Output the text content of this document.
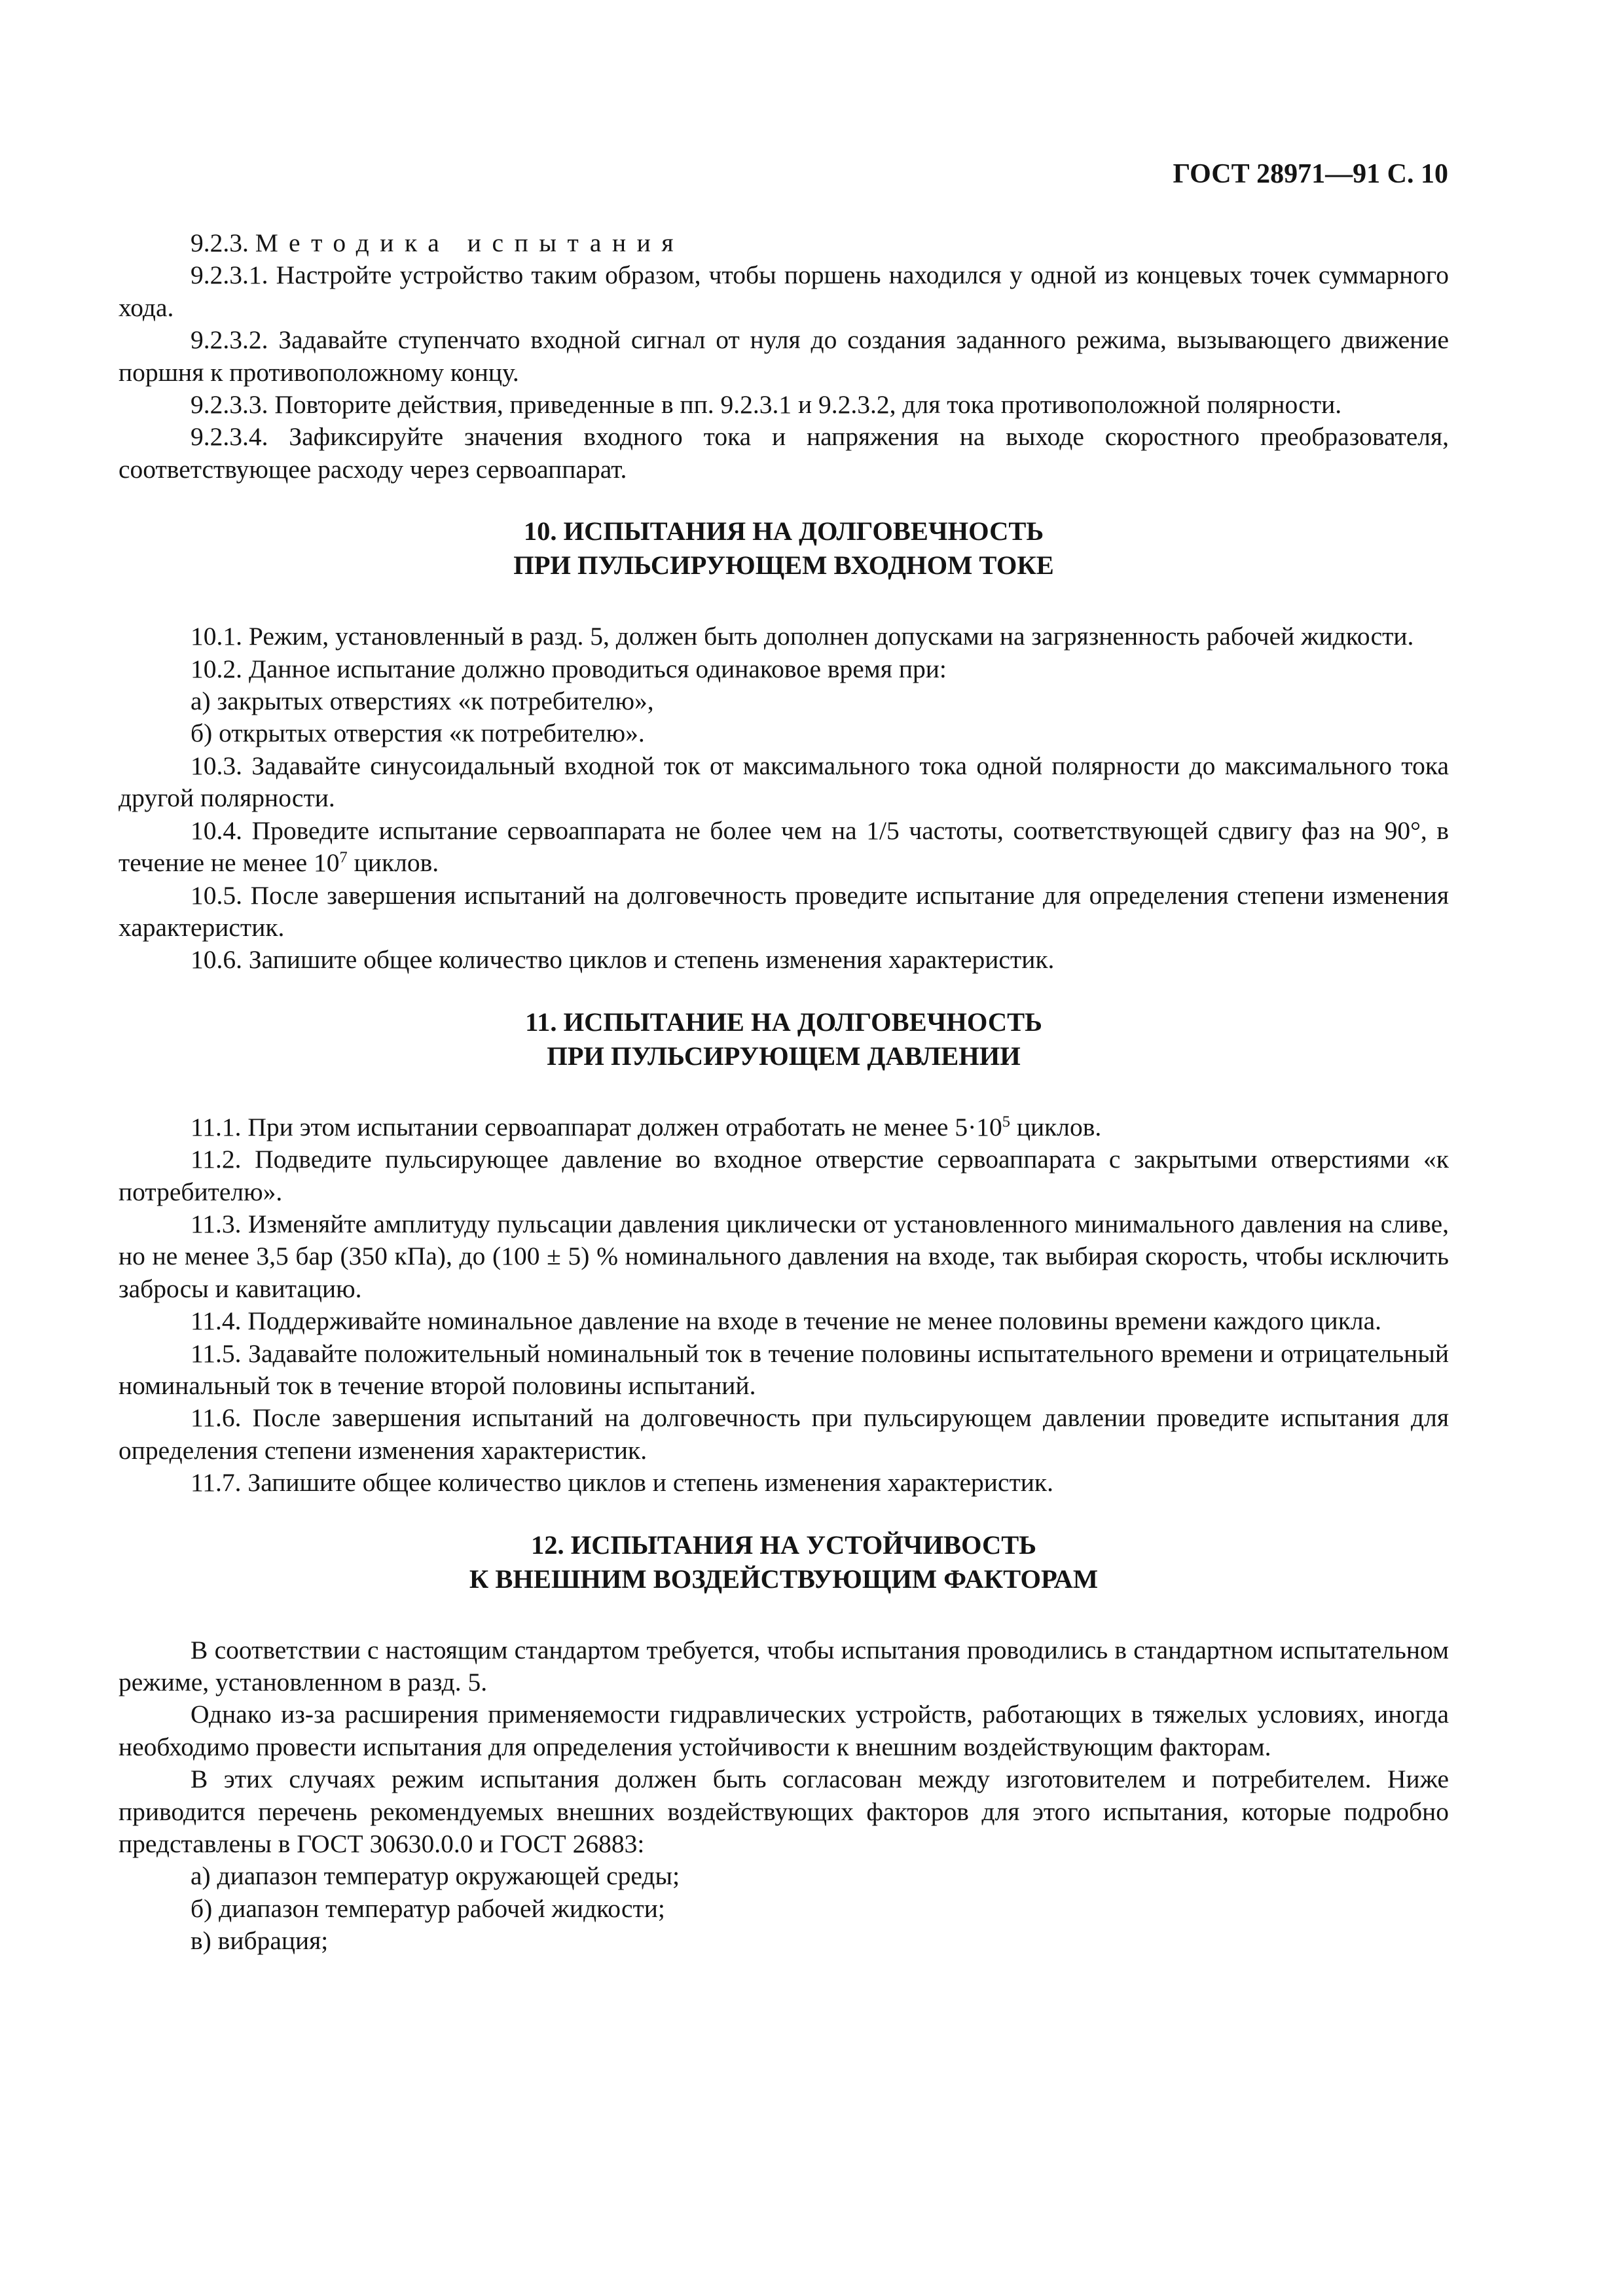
ГОСТ 28971—91 С. 10

9.2.3. Методика испытания

9.2.3.1. Настройте устройство таким образом, чтобы поршень находился у одной из концевых точек суммарного хода.

9.2.3.2. Задавайте ступенчато входной сигнал от нуля до создания заданного режима, вызывающего движение поршня к противоположному концу.

9.2.3.3. Повторите действия, приведенные в пп. 9.2.3.1 и 9.2.3.2, для тока противоположной полярности.

9.2.3.4. Зафиксируйте значения входного тока и напряжения на выходе скоростного преобразователя, соответствующее расходу через сервоаппарат.

10. ИСПЫТАНИЯ НА ДОЛГОВЕЧНОСТЬ
ПРИ ПУЛЬСИРУЮЩЕМ ВХОДНОМ ТОКЕ

10.1. Режим, установленный в разд. 5, должен быть дополнен допусками на загрязненность рабочей жидкости.

10.2. Данное испытание должно проводиться одинаковое время при:

а) закрытых отверстиях «к потребителю»,

б) открытых отверстия «к потребителю».

10.3. Задавайте синусоидальный входной ток от максимального тока одной полярности до максимального тока другой полярности.

10.4. Проведите испытание сервоаппарата не более чем на 1/5 частоты, соответствующей сдвигу фаз на 90°, в течение не менее $10^7$ циклов.

10.5. После завершения испытаний на долговечность проведите испытание для определения степени изменения характеристик.

10.6. Запишите общее количество циклов и степень изменения характеристик.

11. ИСПЫТАНИЕ НА ДОЛГОВЕЧНОСТЬ
ПРИ ПУЛЬСИРУЮЩЕМ ДАВЛЕНИИ

11.1. При этом испытании сервоаппарат должен отработать не менее $5\cdot 10^5$ циклов.

11.2. Подведите пульсирующее давление во входное отверстие сервоаппарата с закрытыми отверстиями «к потребителю».

11.3. Изменяйте амплитуду пульсации давления циклически от установленного минимального давления на сливе, но не менее 3,5 бар (350 кПа), до (100 ± 5) % номинального давления на входе, так выбирая скорость, чтобы исключить забросы и кавитацию.

11.4. Поддерживайте номинальное давление на входе в течение не менее половины времени каждого цикла.

11.5. Задавайте положительный номинальный ток в течение половины испытательного времени и отрицательный номинальный ток в течение второй половины испытаний.

11.6. После завершения испытаний на долговечность при пульсирующем давлении проведите испытания для определения степени изменения характеристик.

11.7. Запишите общее количество циклов и степень изменения характеристик.

12. ИСПЫТАНИЯ НА УСТОЙЧИВОСТЬ
К ВНЕШНИМ ВОЗДЕЙСТВУЮЩИМ ФАКТОРАМ

В соответствии с настоящим стандартом требуется, чтобы испытания проводились в стандартном испытательном режиме, установленном в разд. 5.

Однако из-за расширения применяемости гидравлических устройств, работающих в тяжелых условиях, иногда необходимо провести испытания для определения устойчивости к внешним воздействующим факторам.

В этих случаях режим испытания должен быть согласован между изготовителем и потребителем. Ниже приводится перечень рекомендуемых внешних воздействующих факторов для этого испытания, которые подробно представлены в ГОСТ 30630.0.0 и ГОСТ 26883:

а) диапазон температур окружающей среды;

б) диапазон температур рабочей жидкости;

в) вибрация;
